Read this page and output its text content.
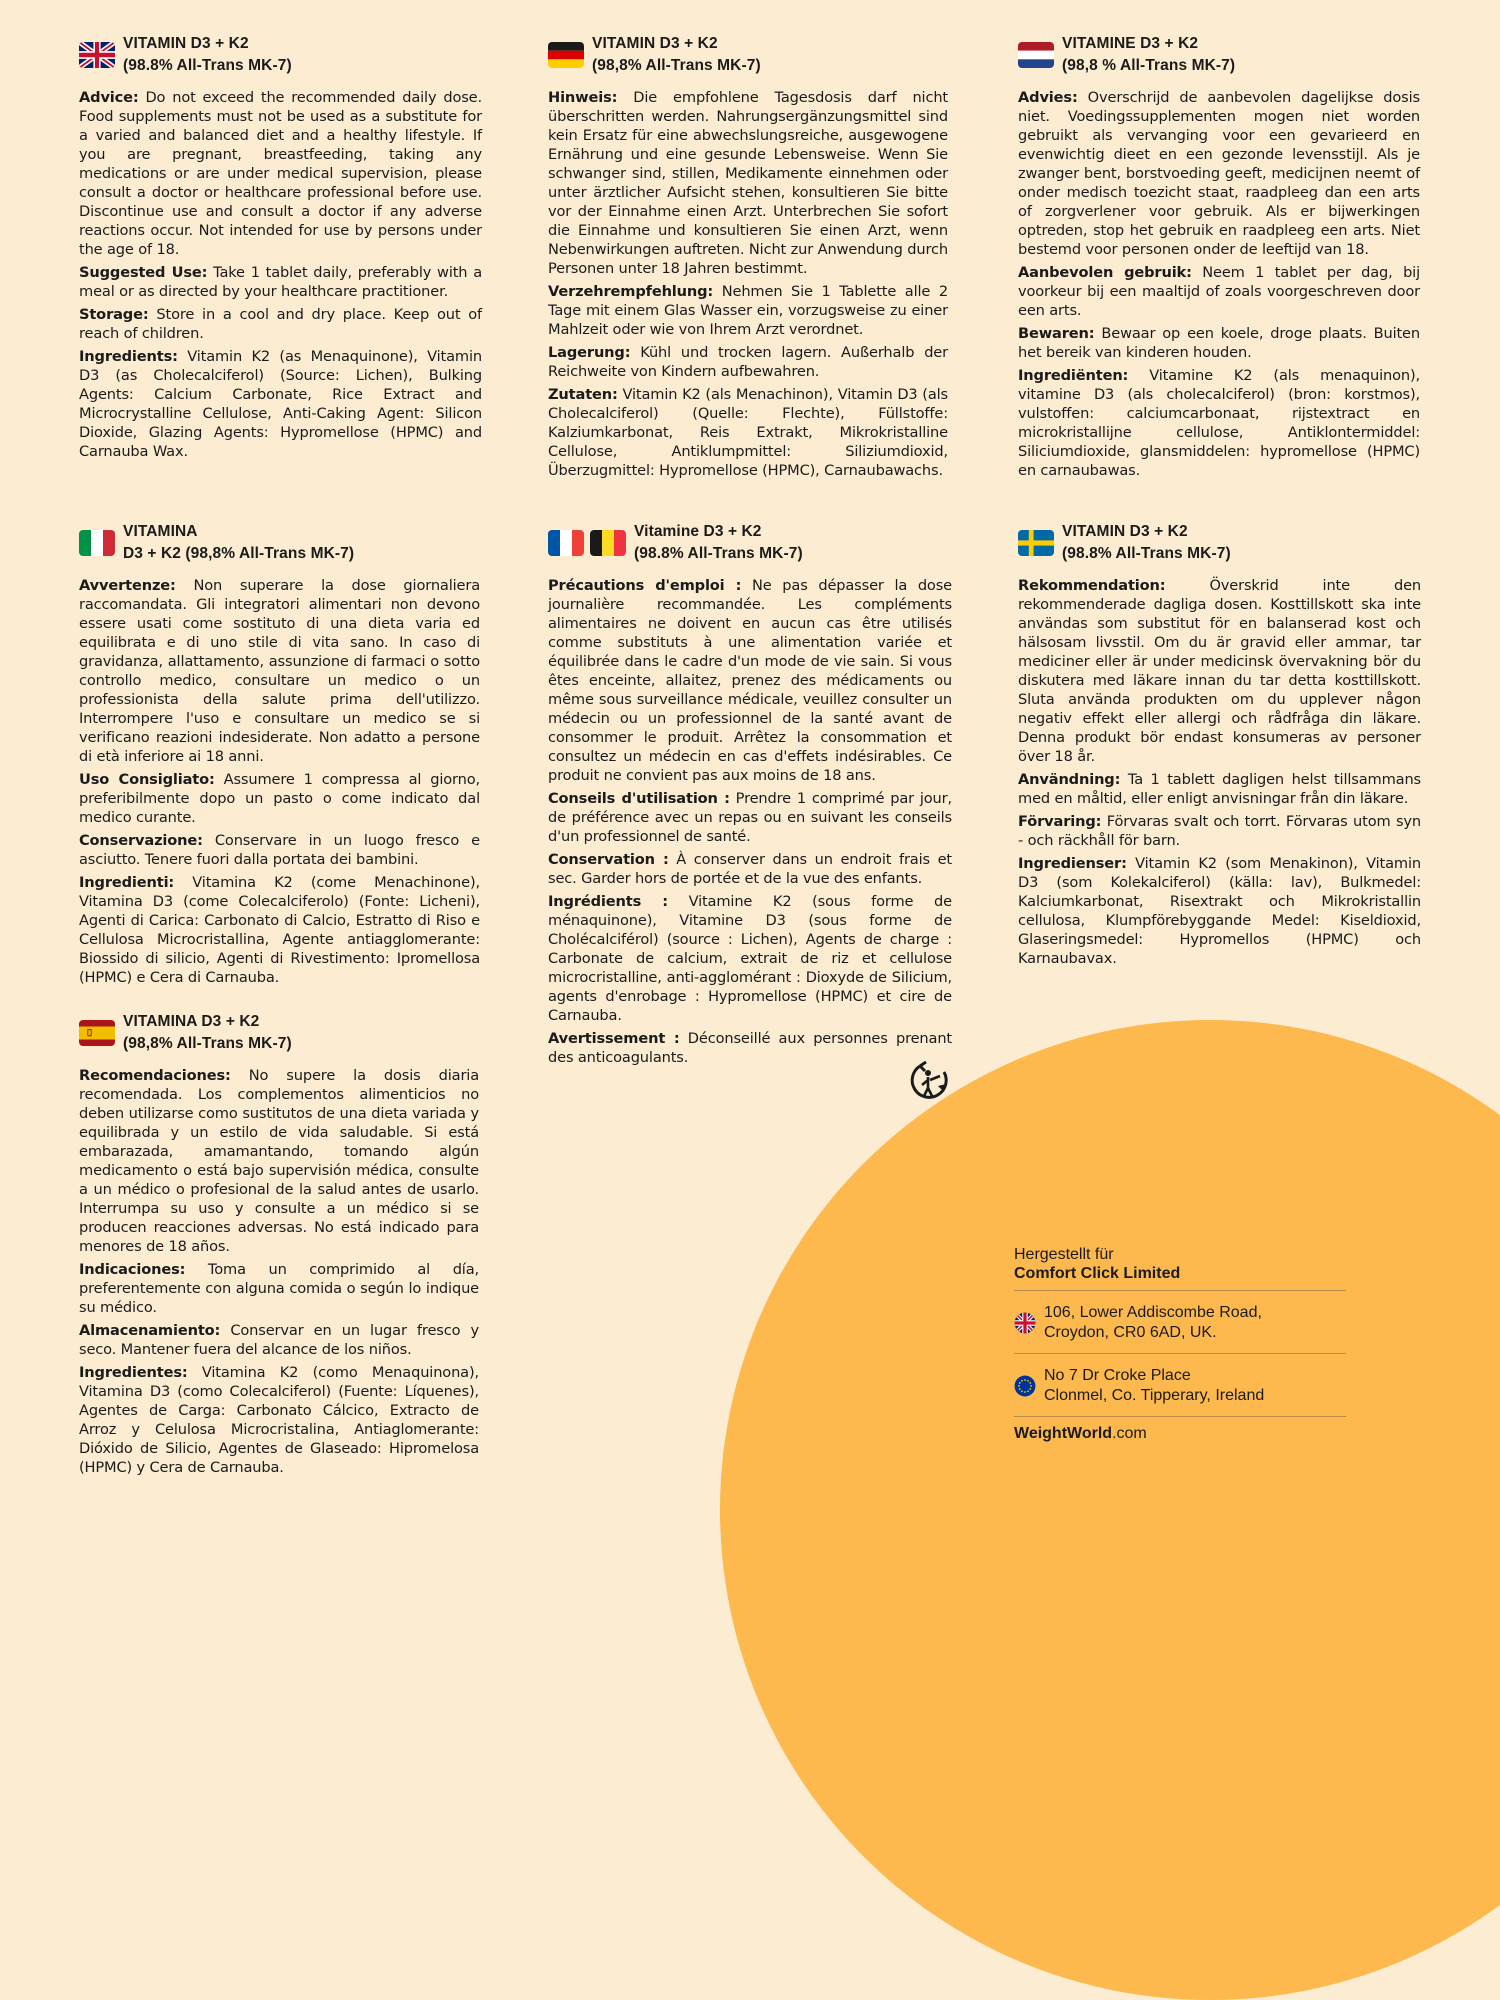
VITAMIN D3 + K2
(98.8% All-Trans MK-7)
Advice: Do not exceed the recommended daily dose. Food supplements must not be used as a substitute for a varied and balanced diet and a healthy lifestyle. If you are pregnant, breastfeeding, taking any medications or are under medical supervision, please consult a doctor or healthcare professional before use. Discontinue use and consult a doctor if any adverse reactions occur. Not intended for use by persons under the age of 18.
Suggested Use: Take 1 tablet daily, preferably with a meal or as directed by your healthcare practitioner.
Storage: Store in a cool and dry place. Keep out of reach of children.
Ingredients: Vitamin K2 (as Menaquinone), Vitamin D3 (as Cholecalciferol) (Source: Lichen), Bulking Agents: Calcium Carbonate, Rice Extract and Microcrystalline Cellulose, Anti-Caking Agent: Silicon Dioxide, Glazing Agents: Hypromellose (HPMC) and Carnauba Wax.
VITAMIN D3 + K2
(98,8% All-Trans MK-7)
Hinweis: Die empfohlene Tagesdosis darf nicht überschritten werden. Nahrungsergänzungsmittel sind kein Ersatz für eine abwechslungsreiche, ausgewogene Ernährung und eine gesunde Lebensweise. Wenn Sie schwanger sind, stillen, Medikamente einnehmen oder unter ärztlicher Aufsicht stehen, konsultieren Sie bitte vor der Einnahme einen Arzt. Unterbrechen Sie sofort die Einnahme und konsultieren Sie einen Arzt, wenn Nebenwirkungen auftreten. Nicht zur Anwendung durch Personen unter 18 Jahren bestimmt.
Verzehrempfehlung: Nehmen Sie 1 Tablette alle 2 Tage mit einem Glas Wasser ein, vorzugsweise zu einer Mahlzeit oder wie von Ihrem Arzt verordnet.
Lagerung: Kühl und trocken lagern. Außerhalb der Reichweite von Kindern aufbewahren.
Zutaten: Vitamin K2 (als Menachinon), Vitamin D3 (als Cholecalciferol) (Quelle: Flechte), Füllstoffe: Kalziumkarbonat, Reis Extrakt, Mikrokristalline Cellulose, Antiklumpmittel: Siliziumdioxid, Überzugmittel: Hypromellose (HPMC), Carnaubawachs.
VITAMINE D3 + K2
(98,8 % All-Trans MK-7)
Advies: Overschrijd de aanbevolen dagelijkse dosis niet. Voedingssupplementen mogen niet worden gebruikt als vervanging voor een gevarieerd en evenwichtig dieet en een gezonde levensstijl. Als je zwanger bent, borstvoeding geeft, medicijnen neemt of onder medisch toezicht staat, raadpleeg dan een arts of zorgverlener voor gebruik. Als er bijwerkingen optreden, stop het gebruik en raadpleeg een arts. Niet bestemd voor personen onder de leeftijd van 18.
Aanbevolen gebruik: Neem 1 tablet per dag, bij voorkeur bij een maaltijd of zoals voorgeschreven door een arts.
Bewaren: Bewaar op een koele, droge plaats. Buiten het bereik van kinderen houden.
Ingrediënten: Vitamine K2 (als menaquinon), vitamine D3 (als cholecalciferol) (bron: korstmos), vulstoffen: calciumcarbonaat, rijstextract en microkristallijne cellulose, Antiklontermiddel: Siliciumdioxide, glansmiddelen: hypromellose (HPMC) en carnaubawas.
VITAMINA
D3 + K2 (98,8% All-Trans MK-7)
Avvertenze: Non superare la dose giornaliera raccomandata. Gli integratori alimentari non devono essere usati come sostituto di una dieta varia ed equilibrata e di uno stile di vita sano. In caso di gravidanza, allattamento, assunzione di farmaci o sotto controllo medico, consultare un medico o un professionista della salute prima dell'utilizzo. Interrompere l'uso e consultare un medico se si verificano reazioni indesiderate. Non adatto a persone di età inferiore ai 18 anni.
Uso Consigliato: Assumere 1 compressa al giorno, preferibilmente dopo un pasto o come indicato dal medico curante.
Conservazione: Conservare in un luogo fresco e asciutto. Tenere fuori dalla portata dei bambini.
Ingredienti: Vitamina K2 (come Menachinone), Vitamina D3 (come Colecalciferolo) (Fonte: Licheni), Agenti di Carica: Carbonato di Calcio, Estratto di Riso e Cellulosa Microcristallina, Agente antiagglomerante: Biossido di silicio, Agenti di Rivestimento: Ipromellosa (HPMC) e Cera di Carnauba.
VITAMINA D3 + K2
(98,8% All-Trans MK-7)
Recomendaciones: No supere la dosis diaria recomendada. Los complementos alimenticios no deben utilizarse como sustitutos de una dieta variada y equilibrada y un estilo de vida saludable. Si está embarazada, amamantando, tomando algún medicamento o está bajo supervisión médica, consulte a un médico o profesional de la salud antes de usarlo. Interrumpa su uso y consulte a un médico si se producen reacciones adversas. No está indicado para menores de 18 años.
Indicaciones: Toma un comprimido al día, preferentemente con alguna comida o según lo indique su médico.
Almacenamiento: Conservar en un lugar fresco y seco. Mantener fuera del alcance de los niños.
Ingredientes: Vitamina K2 (como Menaquinona), Vitamina D3 (como Colecalciferol) (Fuente: Líquenes), Agentes de Carga: Carbonato Cálcico, Extracto de Arroz y Celulosa Microcristalina, Antiaglomerante: Dióxido de Silicio, Agentes de Glaseado: Hipromelosa (HPMC) y Cera de Carnauba.
Vitamine D3 + K2
(98.8% All-Trans MK-7)
Précautions d'emploi : Ne pas dépasser la dose journalière recommandée. Les compléments alimentaires ne doivent en aucun cas être utilisés comme substituts à une alimentation variée et équilibrée dans le cadre d'un mode de vie sain. Si vous êtes enceinte, allaitez, prenez des médicaments ou même sous surveillance médicale, veuillez consulter un médecin ou un professionnel de la santé avant de consommer le produit. Arrêtez la consommation et consultez un médecin en cas d'effets indésirables. Ce produit ne convient pas aux moins de 18 ans.
Conseils d'utilisation : Prendre 1 comprimé par jour, de préférence avec un repas ou en suivant les conseils d'un professionnel de santé.
Conservation : À conserver dans un endroit frais et sec. Garder hors de portée et de la vue des enfants.
Ingrédients : Vitamine K2 (sous forme de ménaquinone), Vitamine D3 (sous forme de Cholécalciférol) (source : Lichen), Agents de charge : Carbonate de calcium, extrait de riz et cellulose microcristalline, anti-agglomérant : Dioxyde de Silicium, agents d'enrobage : Hypromellose (HPMC) et cire de Carnauba.
Avertissement : Déconseillé aux personnes prenant des anticoagulants.
VITAMIN D3 + K2
(98.8% All-Trans MK-7)
Rekommendation: Överskrid inte den rekommenderade dagliga dosen. Kosttillskott ska inte användas som substitut för en balanserad kost och hälsosam livsstil. Om du är gravid eller ammar, tar mediciner eller är under medicinsk övervakning bör du diskutera med läkare innan du tar detta kosttillskott. Sluta använda produkten om du upplever någon negativ effekt eller allergi och rådfråga din läkare. Denna produkt bör endast konsumeras av personer över 18 år.
Användning: Ta 1 tablett dagligen helst tillsammans med en måltid, eller enligt anvisningar från din läkare.
Förvaring: Förvaras svalt och torrt. Förvaras utom syn - och räckhåll för barn.
Ingredienser: Vitamin K2 (som Menakinon), Vitamin D3 (som Kolekalciferol) (källa: lav), Bulkmedel: Kalciumkarbonat, Risextrakt och Mikrokristallin cellulosa, Klumpförebyggande Medel: Kiseldioxid, Glaseringsmedel: Hypromellos (HPMC) och Karnaubavax.
Hergestellt für
Comfort Click Limited
106, Lower Addiscombe Road,
Croydon, CR0 6AD, UK.
No 7 Dr Croke Place
Clonmel, Co. Tipperary, Ireland
WeightWorld.com
